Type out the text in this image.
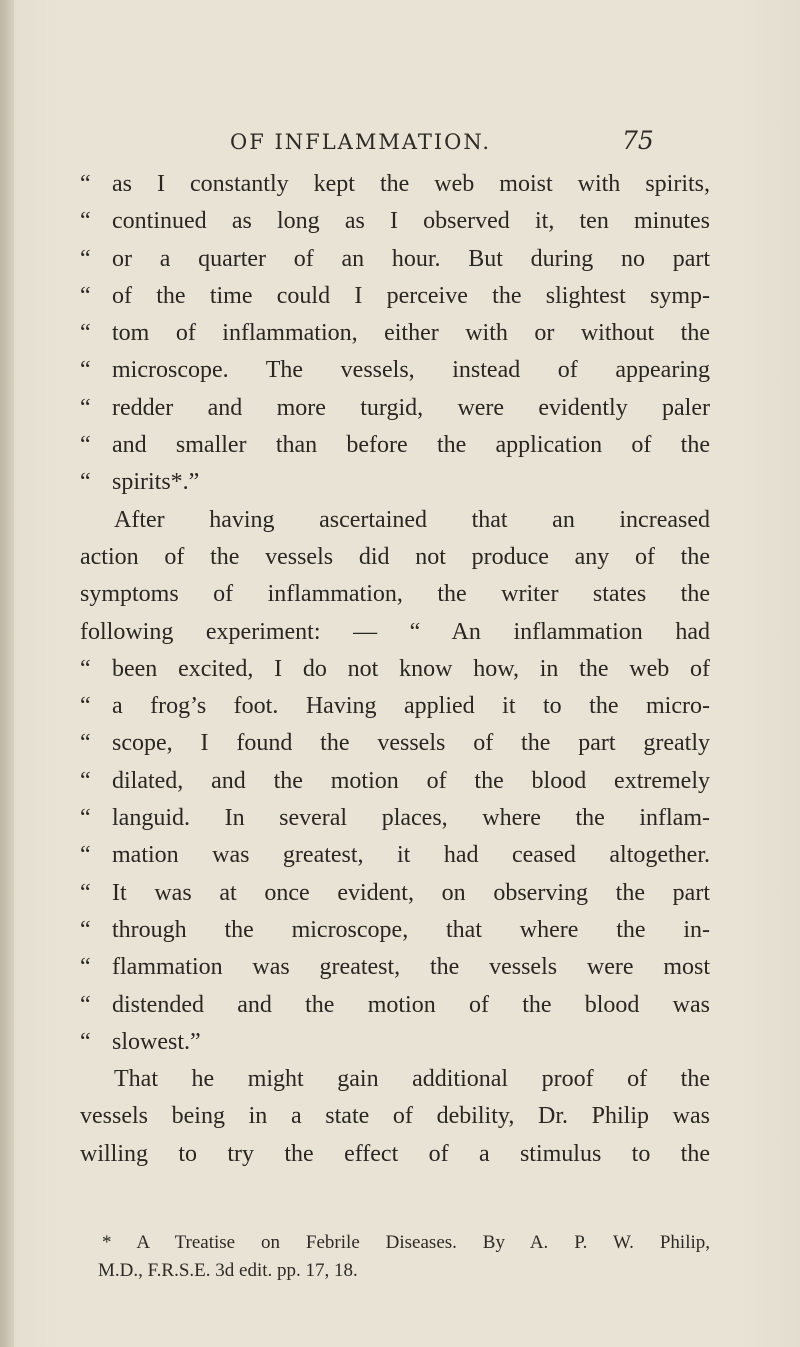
OF INFLAMMATION.	75
“ as I constantly kept the web moist with spirits,
“ continued as long as I observed it, ten minutes
“ or a quarter of an hour. But during no part
“ of the time could I perceive the slightest symp-
“ tom of inflammation, either with or without the
“ microscope. The vessels, instead of appearing
“ redder and more turgid, were evidently paler
“ and smaller than before the application of the
“ spirits*.”
After having ascertained that an increased
action of the vessels did not produce any of the
symptoms of inflammation, the writer states the
following experiment: — “ An inflammation had
“ been excited, I do not know how, in the web of
“ a frog’s foot. Having applied it to the micro-
“ scope, I found the vessels of the part greatly
“ dilated, and the motion of the blood extremely
“ languid. In several places, where the inflam-
“ mation was greatest, it had ceased altogether.
“ It was at once evident, on observing the part
“ through the microscope, that where the in-
“ flammation was greatest, the vessels were most
“ distended and the motion of the blood was
“ slowest.”
That he might gain additional proof of the
vessels being in a state of debility, Dr. Philip was
willing to try the effect of a stimulus to the
* A Treatise on Febrile Diseases. By A. P. W. Philip,
M.D., F.R.S.E. 3d edit. pp. 17, 18.
